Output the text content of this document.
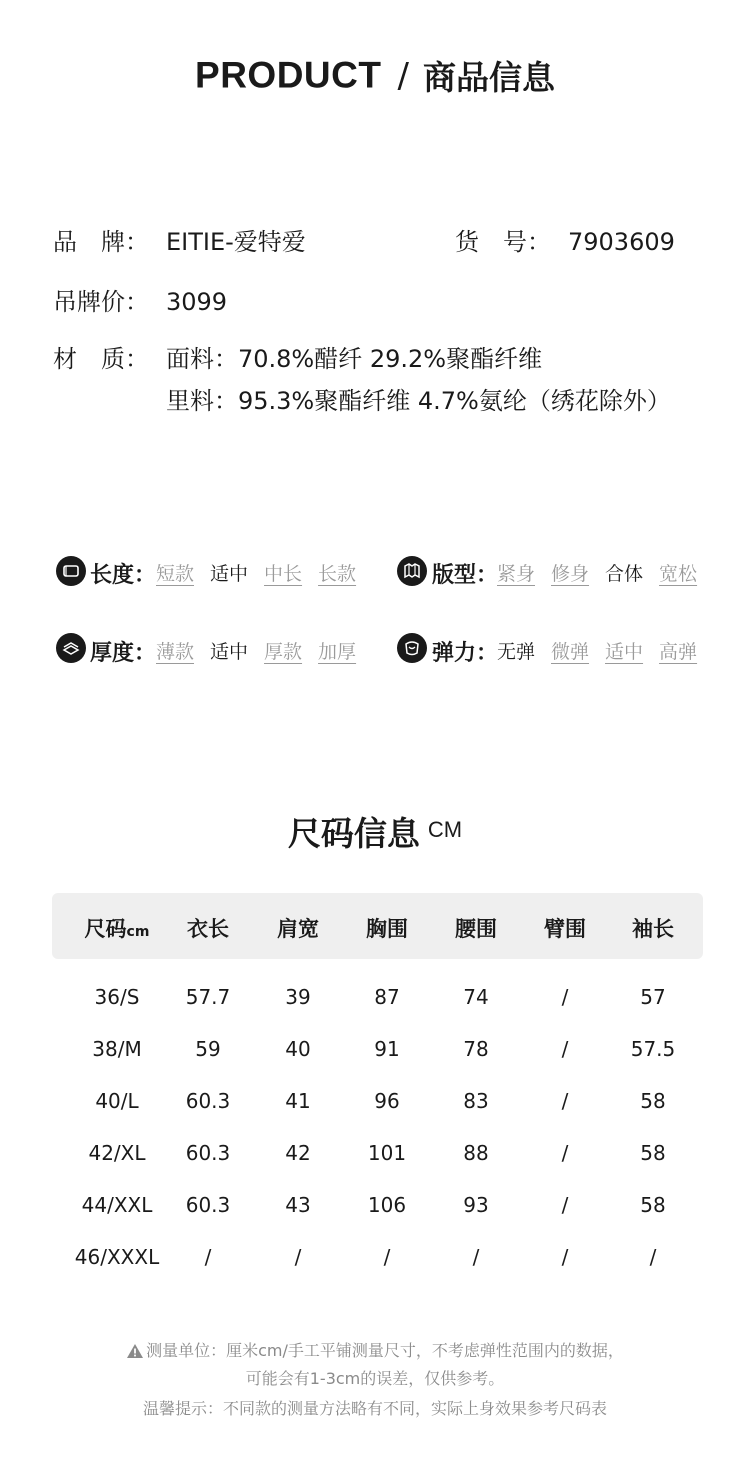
PRODUCT / 商品信息
品　牌： EITIE-爱特爱	货　号： 7903609
吊牌价： 3099
材　质： 面料：70.8%醋纤 29.2%聚酯纤维
里料：95.3%聚酯纤维 4.7%氨纶（绣花除外）
长度： 短款 适中 中长 长款	版型：
紧身 修身 合体 宽松
厚度： 薄款 适中 厚款 加厚	弹力：
无弹 微弹 适中 高弹
尺码信息 CM
尺码cm 衣长 肩宽 胸围 腰围 臂围 袖长
36/S 57.7	39	87	74	/	57
38/M	59	40	91	78	/	57.5
40/L 60.3	41	96	83	/	58
42/XL 60.3	42	101	88	/	58
44/XXL 60.3	43	106	93	/	58
46/XXXL /	/	/	/	/	/
测量单位：厘米cm/手工平铺测量尺寸，不考虑弹性范围内的数据，
可能会有1-3cm的误差，仅供参考。
温馨提示：不同款的测量方法略有不同，实际上身效果参考尺码表
